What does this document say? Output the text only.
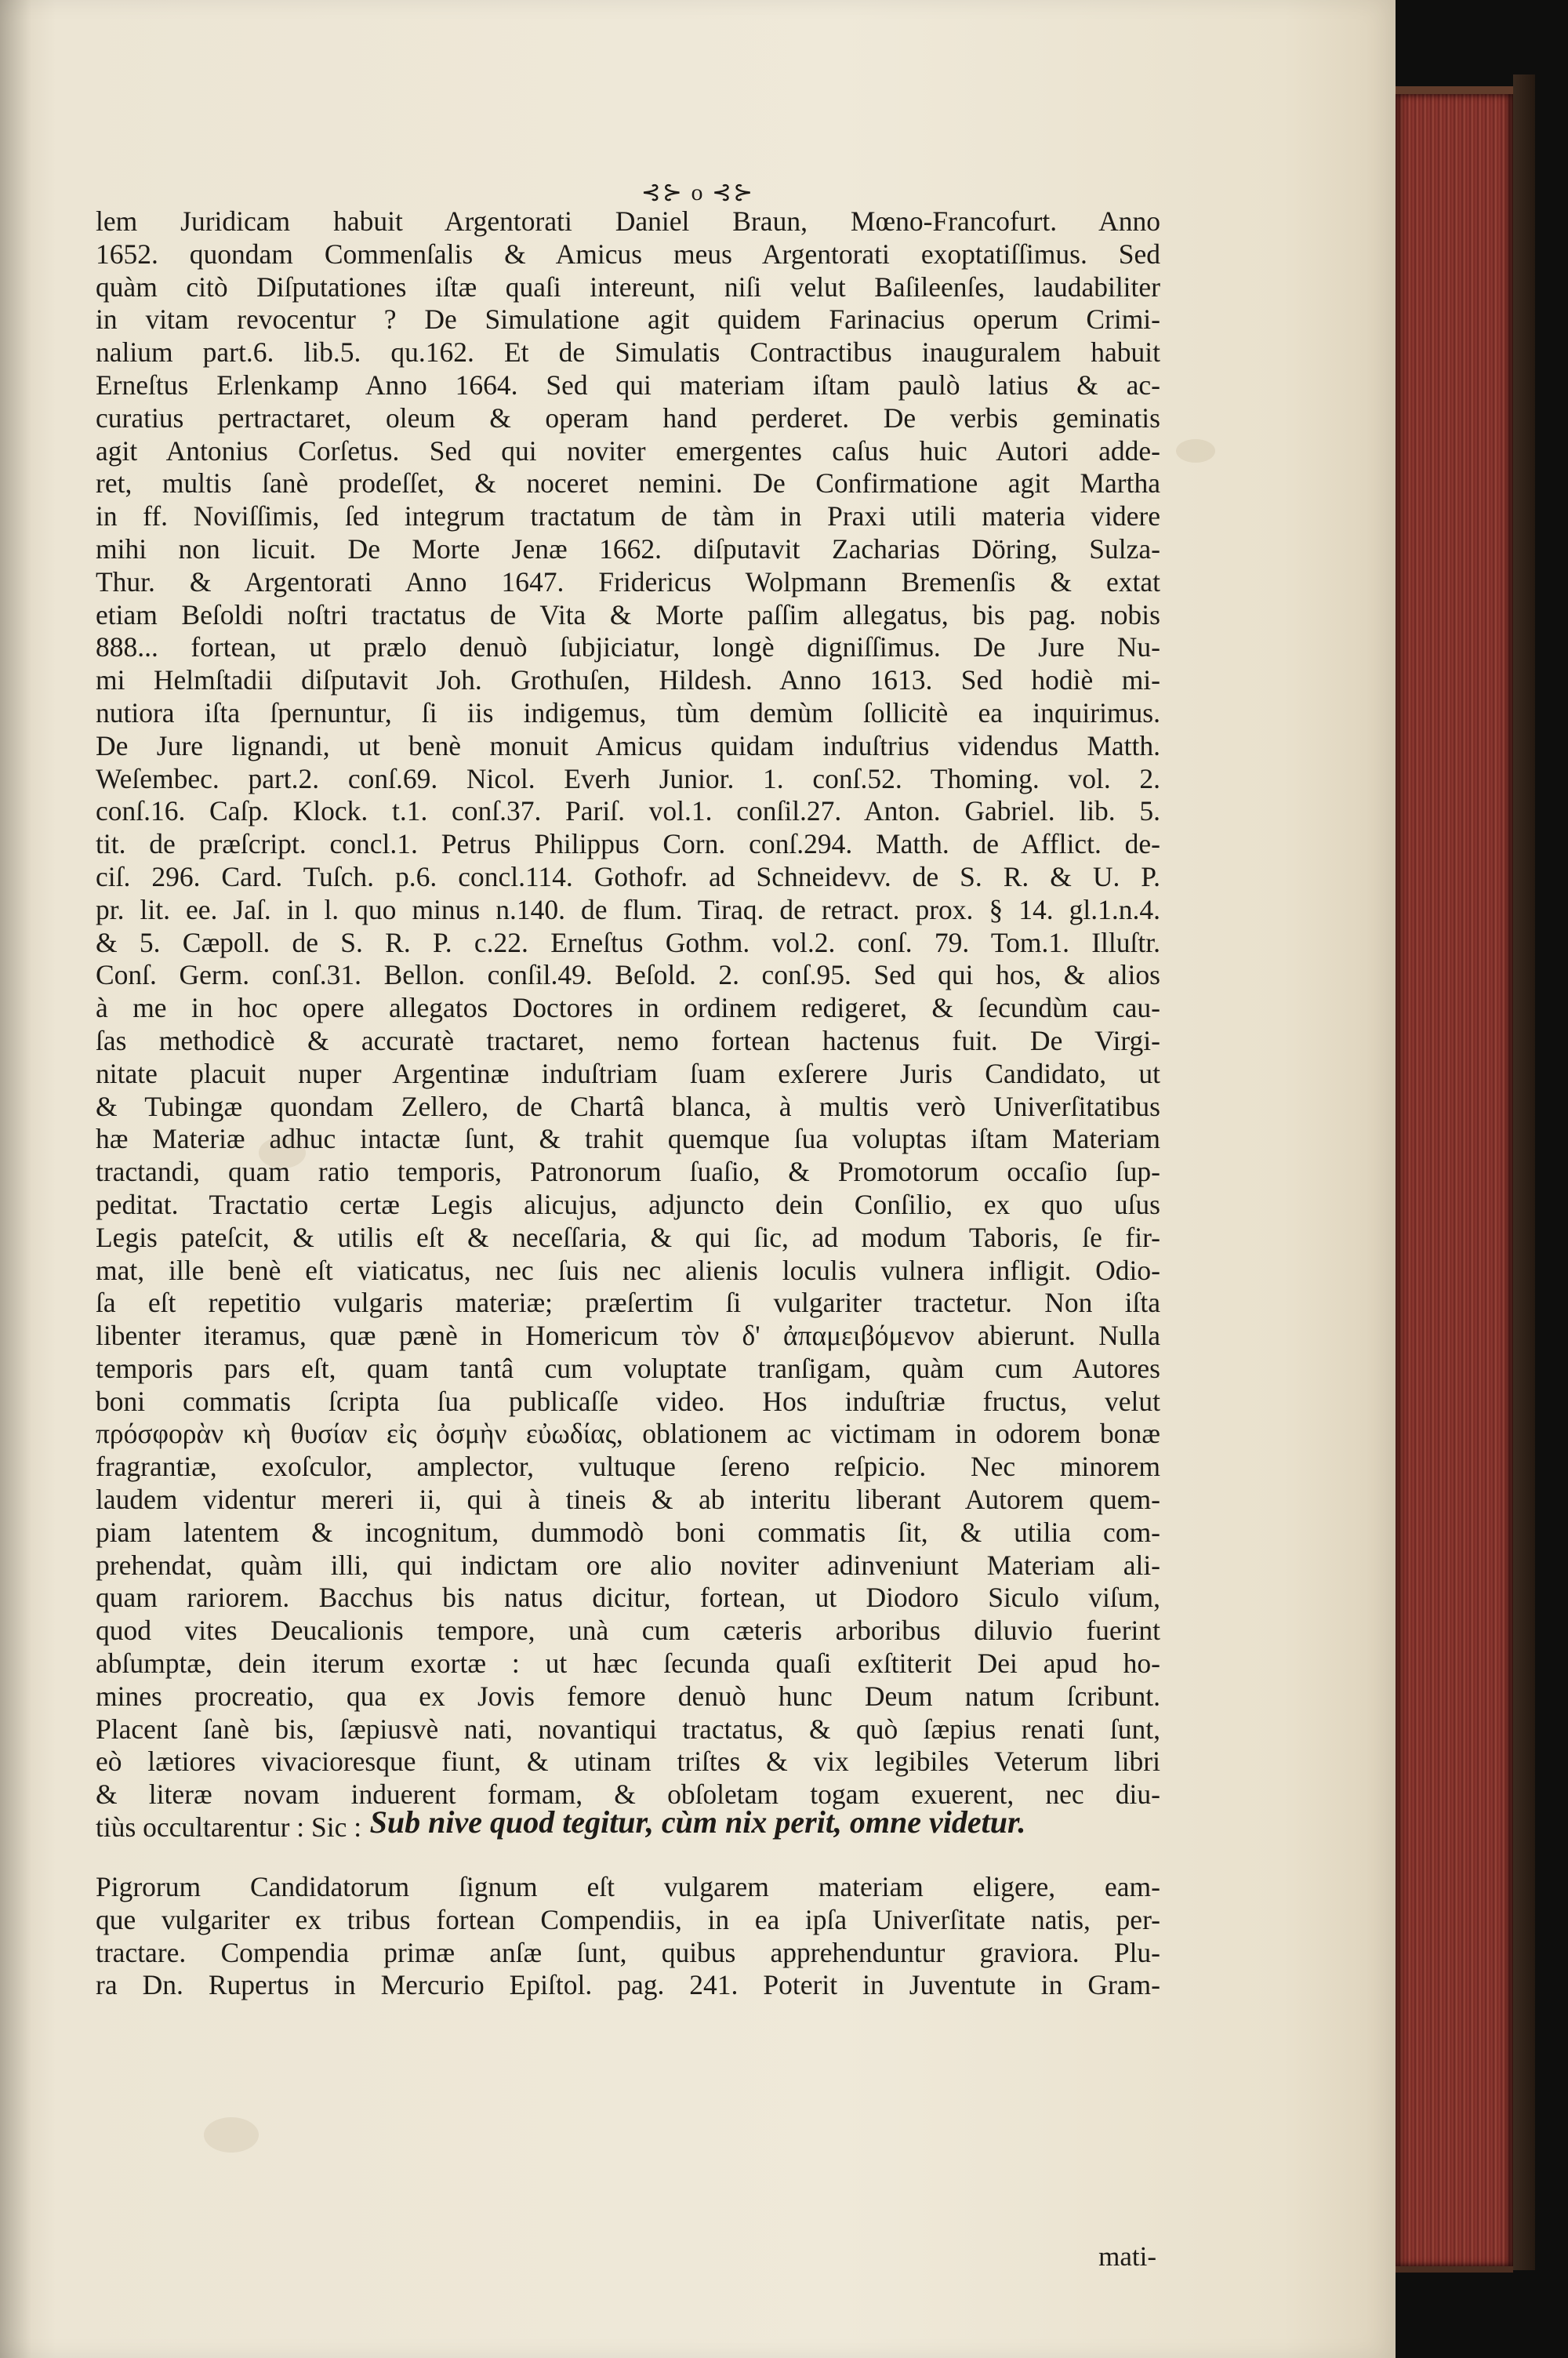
⊰⊱ o ⊰⊱
lem Juridicam habuit Argentorati Daniel Braun, Mœno-Francofurt. Anno
1652. quondam Commenſalis & Amicus meus Argentorati exoptatiſſimus. Sed
quàm citò Diſputationes iſtæ quaſi intereunt, niſi velut Baſileenſes, laudabiliter
in vitam revocentur ? De Simulatione agit quidem Farinacius operum Crimi-
nalium part.6. lib.5. qu.162. Et de Simulatis Contractibus inauguralem habuit
Erneſtus Erlenkamp Anno 1664. Sed qui materiam iſtam paulò latius & ac-
curatius pertractaret, oleum & operam hand perderet. De verbis geminatis
agit Antonius Corſetus. Sed qui noviter emergentes caſus huic Autori adde-
ret, multis ſanè prodeſſet, & noceret nemini. De Confirmatione agit Martha
in ff. Noviſſimis, ſed integrum tractatum de tàm in Praxi utili materia videre
mihi non licuit. De Morte Jenæ 1662. diſputavit Zacharias Döring, Sulza-
Thur. & Argentorati Anno 1647. Fridericus Wolpmann Bremenſis & extat
etiam Beſoldi noſtri tractatus de Vita & Morte paſſim allegatus, bis pag. nobis
888... fortean, ut prælo denuò ſubjiciatur, longè digniſſimus. De Jure Nu-
mi Helmſtadii diſputavit Joh. Grothuſen, Hildesh. Anno 1613. Sed hodiè mi-
nutiora iſta ſpernuntur, ſi iis indigemus, tùm demùm ſollicitè ea inquirimus.
De Jure lignandi, ut benè monuit Amicus quidam induſtrius videndus Matth.
Weſembec. part.2. conſ.69. Nicol. Everh Junior. 1. conſ.52. Thoming. vol. 2.
conſ.16. Caſp. Klock. t.1. conſ.37. Pariſ. vol.1. conſil.27. Anton. Gabriel. lib. 5.
tit. de præſcript. concl.1. Petrus Philippus Corn. conſ.294. Matth. de Afflict. de-
ciſ. 296. Card. Tuſch. p.6. concl.114. Gothofr. ad Schneidevv. de S. R. & U. P.
pr. lit. ee. Jaſ. in l. quo minus n.140. de flum. Tiraq. de retract. prox. § 14. gl.1.n.4.
& 5. Cæpoll. de S. R. P. c.22. Erneſtus Gothm. vol.2. conſ. 79. Tom.1. Illuſtr.
Conſ. Germ. conſ.31. Bellon. conſil.49. Beſold. 2. conſ.95. Sed qui hos, & alios
à me in hoc opere allegatos Doctores in ordinem redigeret, & ſecundùm cau-
ſas methodicè & accuratè tractaret, nemo fortean hactenus fuit. De Virgi-
nitate placuit nuper Argentinæ induſtriam ſuam exſerere Juris Candidato, ut
& Tubingæ quondam Zellero, de Chartâ blanca, à multis verò Univerſitatibus
hæ Materiæ adhuc intactæ ſunt, & trahit quemque ſua voluptas iſtam Materiam
tractandi, quam ratio temporis, Patronorum ſuaſio, & Promotorum occaſio ſup-
peditat. Tractatio certæ Legis alicujus, adjuncto dein Conſilio, ex quo uſus
Legis pateſcit, & utilis eſt & neceſſaria, & qui ſic, ad modum Taboris, ſe fir-
mat, ille benè eſt viaticatus, nec ſuis nec alienis loculis vulnera infligit. Odio-
ſa eſt repetitio vulgaris materiæ; præſertim ſi vulgariter tractetur. Non iſta
libenter iteramus, quæ pænè in Homericum τὸν δ' ἀπαμειβόμενον abierunt. Nulla
temporis pars eſt, quam tantâ cum voluptate tranſigam, quàm cum Autores
boni commatis ſcripta ſua publicaſſe video. Hos induſtriæ fructus, velut
πρόσφορὰν κὴ θυσίαν εἰς ὀσμὴν εὐωδίας, oblationem ac victimam in odorem bonæ
fragrantiæ, exoſculor, amplector, vultuque ſereno reſpicio. Nec minorem
laudem videntur mereri ii, qui à tineis & ab interitu liberant Autorem quem-
piam latentem & incognitum, dummodò boni commatis ſit, & utilia com-
prehendat, quàm illi, qui indictam ore alio noviter adinveniunt Materiam ali-
quam rariorem. Bacchus bis natus dicitur, fortean, ut Diodoro Siculo viſum,
quod vites Deucalionis tempore, unà cum cæteris arboribus diluvio fuerint
abſumptæ, dein iterum exortæ : ut hæc ſecunda quaſi exſtiterit Dei apud ho-
mines procreatio, qua ex Jovis femore denuò hunc Deum natum ſcribunt.
Placent ſanè bis, ſæpiusvè nati, novantiqui tractatus, & quò ſæpius renati ſunt,
eò lætiores vivacioresque fiunt, & utinam triſtes & vix legibiles Veterum libri
& literæ novam induerent formam, & obſoletam togam exuerent, nec diu-
tiùs occultarentur : Sic : Sub nive quod tegitur, cùm nix perit, omne videtur.
Pigrorum Candidatorum ſignum eſt vulgarem materiam eligere, eam-
que vulgariter ex tribus fortean Compendiis, in ea ipſa Univerſitate natis, per-
tractare. Compendia primæ anſæ ſunt, quibus apprehenduntur graviora. Plu-
ra Dn. Rupertus in Mercurio Epiſtol. pag. 241. Poterit in Juventute in Gram-
mati-
